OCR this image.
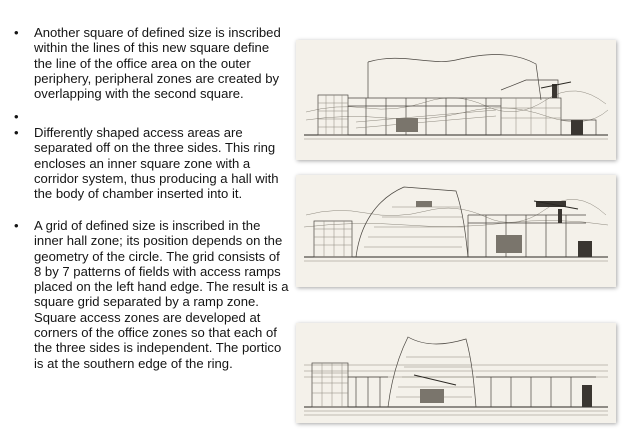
•	Another square of defined size is inscribed within the lines of this new square define the line of the office area on the outer periphery, peripheral zones are created by overlapping with the second square.
•
•	Differently shaped access areas are separated off on the three sides. This ring encloses an inner square zone with a corridor system, thus producing a hall with the body of chamber inserted into it.
•	A grid of defined size is inscribed in the inner hall zone; its position depends on the geometry of the circle. The grid consists of 8 by 7 patterns of fields with access ramps placed on the left hand edge. The result is a square grid separated by a ramp zone. Square access zones are developed at corners of the office zones so that each of the three sides is independent. The portico is at the southern edge of the ring.
